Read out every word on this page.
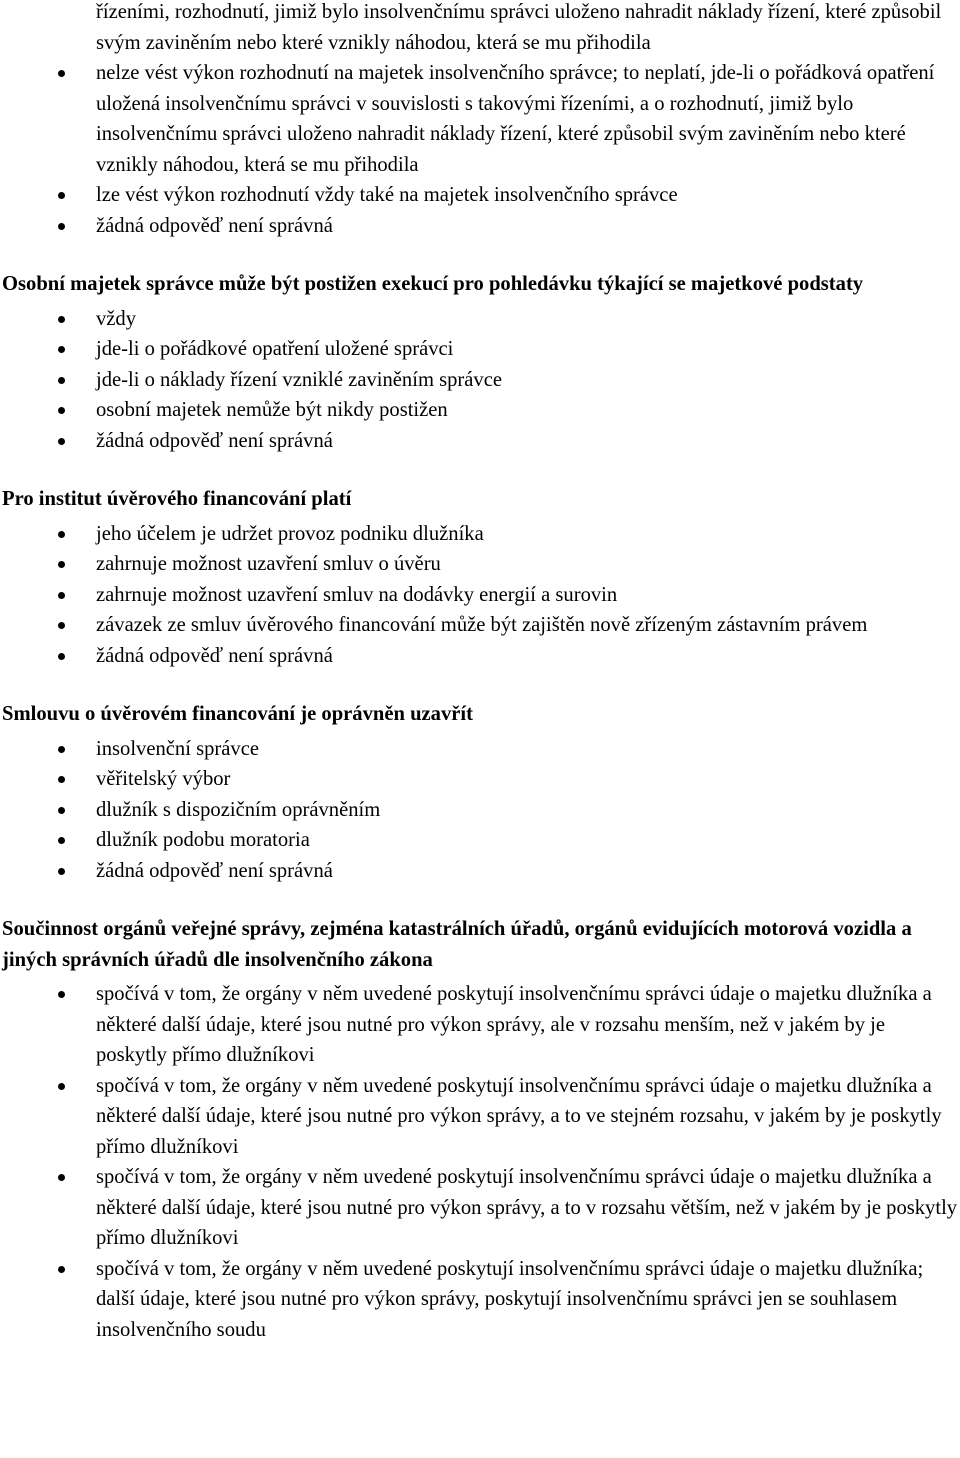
řízeními, rozhodnutí, jimiž bylo insolvenčnímu správci uloženo nahradit náklady řízení, které způsobil svým zaviněním nebo které vznikly náhodou, která se mu přihodila
nelze vést výkon rozhodnutí na majetek insolvenčního správce; to neplatí, jde-li o pořádková opatření uložená insolvenčnímu správci v souvislosti s takovými řízeními, a o rozhodnutí, jimiž bylo insolvenčnímu správci uloženo nahradit náklady řízení, které způsobil svým zaviněním nebo které vznikly náhodou, která se mu přihodila
lze vést výkon rozhodnutí vždy také na majetek insolvenčního správce
žádná odpověď není správná
Osobní majetek správce může být postižen exekucí pro pohledávku týkající se majetkové podstaty
vždy
jde-li o pořádkové opatření uložené správci
jde-li o náklady řízení vzniklé zaviněním správce
osobní majetek nemůže být nikdy postižen
žádná odpověď není správná
Pro institut úvěrového financování platí
jeho účelem je udržet provoz podniku dlužníka
zahrnuje možnost uzavření smluv o úvěru
zahrnuje možnost uzavření smluv na dodávky energií a surovin
závazek ze smluv úvěrového financování může být zajištěn nově zřízeným zástavním právem
žádná odpověď není správná
Smlouvu o úvěrovém financování je oprávněn uzavřít
insolvenční správce
věřitelský výbor
dlužník s dispozičním oprávněním
dlužník podobu moratoria
žádná odpověď není správná
Součinnost orgánů veřejné správy, zejména katastrálních úřadů, orgánů evidujících motorová vozidla a jiných správních úřadů dle insolvenčního zákona
spočívá v tom, že orgány v něm uvedené poskytují insolvenčnímu správci údaje o majetku dlužníka a některé další údaje, které jsou nutné pro výkon správy, ale v rozsahu menším, než v jakém by je poskytly přímo dlužníkovi
spočívá v tom, že orgány v něm uvedené poskytují insolvenčnímu správci údaje o majetku dlužníka a některé další údaje, které jsou nutné pro výkon správy, a to ve stejném rozsahu, v jakém by je poskytly přímo dlužníkovi
spočívá v tom, že orgány v něm uvedené poskytují insolvenčnímu správci údaje o majetku dlužníka a některé další údaje, které jsou nutné pro výkon správy, a to v rozsahu větším, než v jakém by je poskytly přímo dlužníkovi
spočívá v tom, že orgány v něm uvedené poskytují insolvenčnímu správci údaje o majetku dlužníka; další údaje, které jsou nutné pro výkon správy, poskytují insolvenčnímu správci jen se souhlasem insolvenčního soudu
